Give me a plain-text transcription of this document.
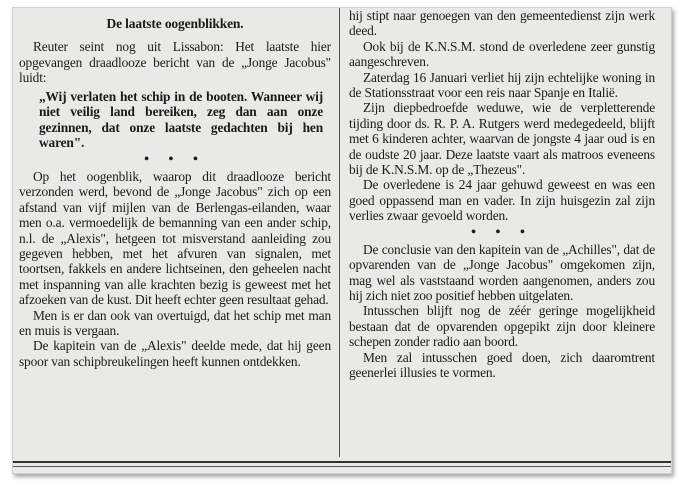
De laatste oogenblikken.

Reuter seint nog uit Lissabon: Het laatste hier opgevangen draadlooze bericht van de „Jonge Jacobus" luidt:

„Wij verlaten het schip in de booten. Wanneer wij niet veilig land bereiken, zeg dan aan onze gezinnen, dat onze laatste gedachten bij hen waren".

• • •

Op het oogenblik, waarop dit draadlooze bericht verzonden werd, bevond de „Jonge Jacobus" zich op een afstand van vijf mijlen van de Berlengas-eilanden, waar men o.a. vermoedelijk de bemanning van een ander schip, n.l. de „Alexis", hetgeen tot misverstand aanleiding zou gegeven hebben, met het afvuren van signalen, met toortsen, fakkels en andere lichtseinen, den geheelen nacht met inspanning van alle krachten bezig is geweest met het afzoeken van de kust. Dit heeft echter geen resultaat gehad.

Men is er dan ook van overtuigd, dat het schip met man en muis is vergaan.

De kapitein van de „Alexis" deelde mede, dat hij geen spoor van schipbreukelingen heeft kunnen ontdekken.

hij stipt naar genoegen van den gemeentedienst zijn werk deed.

Ook bij de K.N.S.M. stond de overledene zeer gunstig aangeschreven.

Zaterdag 16 Januari verliet hij zijn echtelijke woning in de Stationsstraat voor een reis naar Spanje en Italië.

Zijn diepbedroefde weduwe, wie de verpletterende tijding door ds. R. P. A. Rutgers werd medegedeeld, blijft met 6 kinderen achter, waarvan de jongste 4 jaar oud is en de oudste 20 jaar. Deze laatste vaart als matroos eveneens bij de K.N.S.M. op de „Thezeus".

De overledene is 24 jaar gehuwd geweest en was een goed oppassend man en vader. In zijn huisgezin zal zijn verlies zwaar gevoeld worden.

• • •

De conclusie van den kapitein van de „Achilles", dat de opvarenden van de „Jonge Jacobus" omgekomen zijn, mag wel als vaststaand worden aangenomen, anders zou hij zich niet zoo positief hebben uitgelaten.

Intusschen blijft nog de zéér geringe mogelijkheid bestaan dat de opvarenden opgepikt zijn door kleinere schepen zonder radio aan boord.

Men zal intusschen goed doen, zich daaromtrent geenerlei illusies te vormen.
